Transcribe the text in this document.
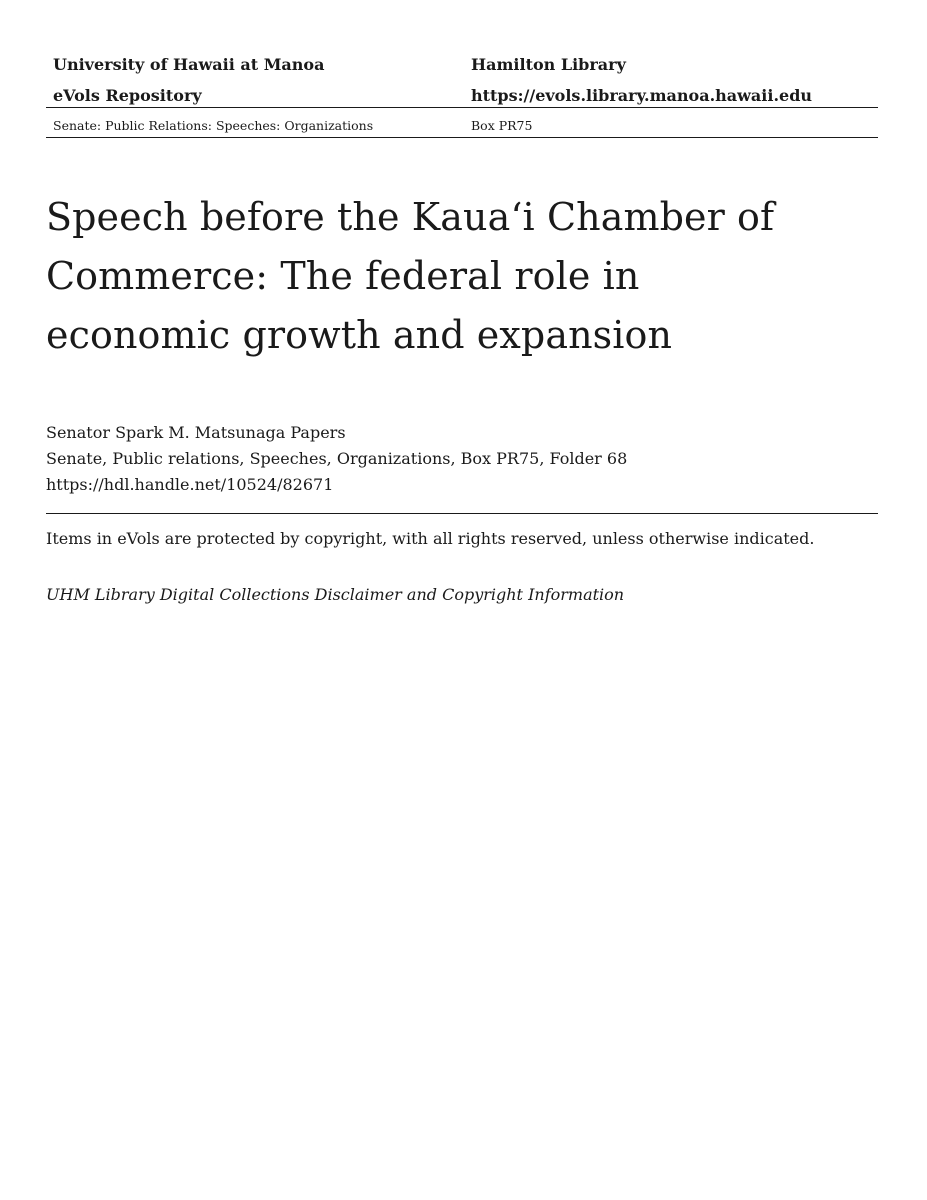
University of Hawaii at Manoa	Hamilton Library
eVols Repository	https://evols.library.manoa.hawaii.edu
Senate: Public Relations: Speeches: Organizations	Box PR75
Speech before the Kaua‘i Chamber of Commerce: The federal role in economic growth and expansion
Senator Spark M. Matsunaga Papers
Senate, Public relations, Speeches, Organizations, Box PR75, Folder 68
https://hdl.handle.net/10524/82671
Items in eVols are protected by copyright, with all rights reserved, unless otherwise indicated.
UHM Library Digital Collections Disclaimer and Copyright Information
